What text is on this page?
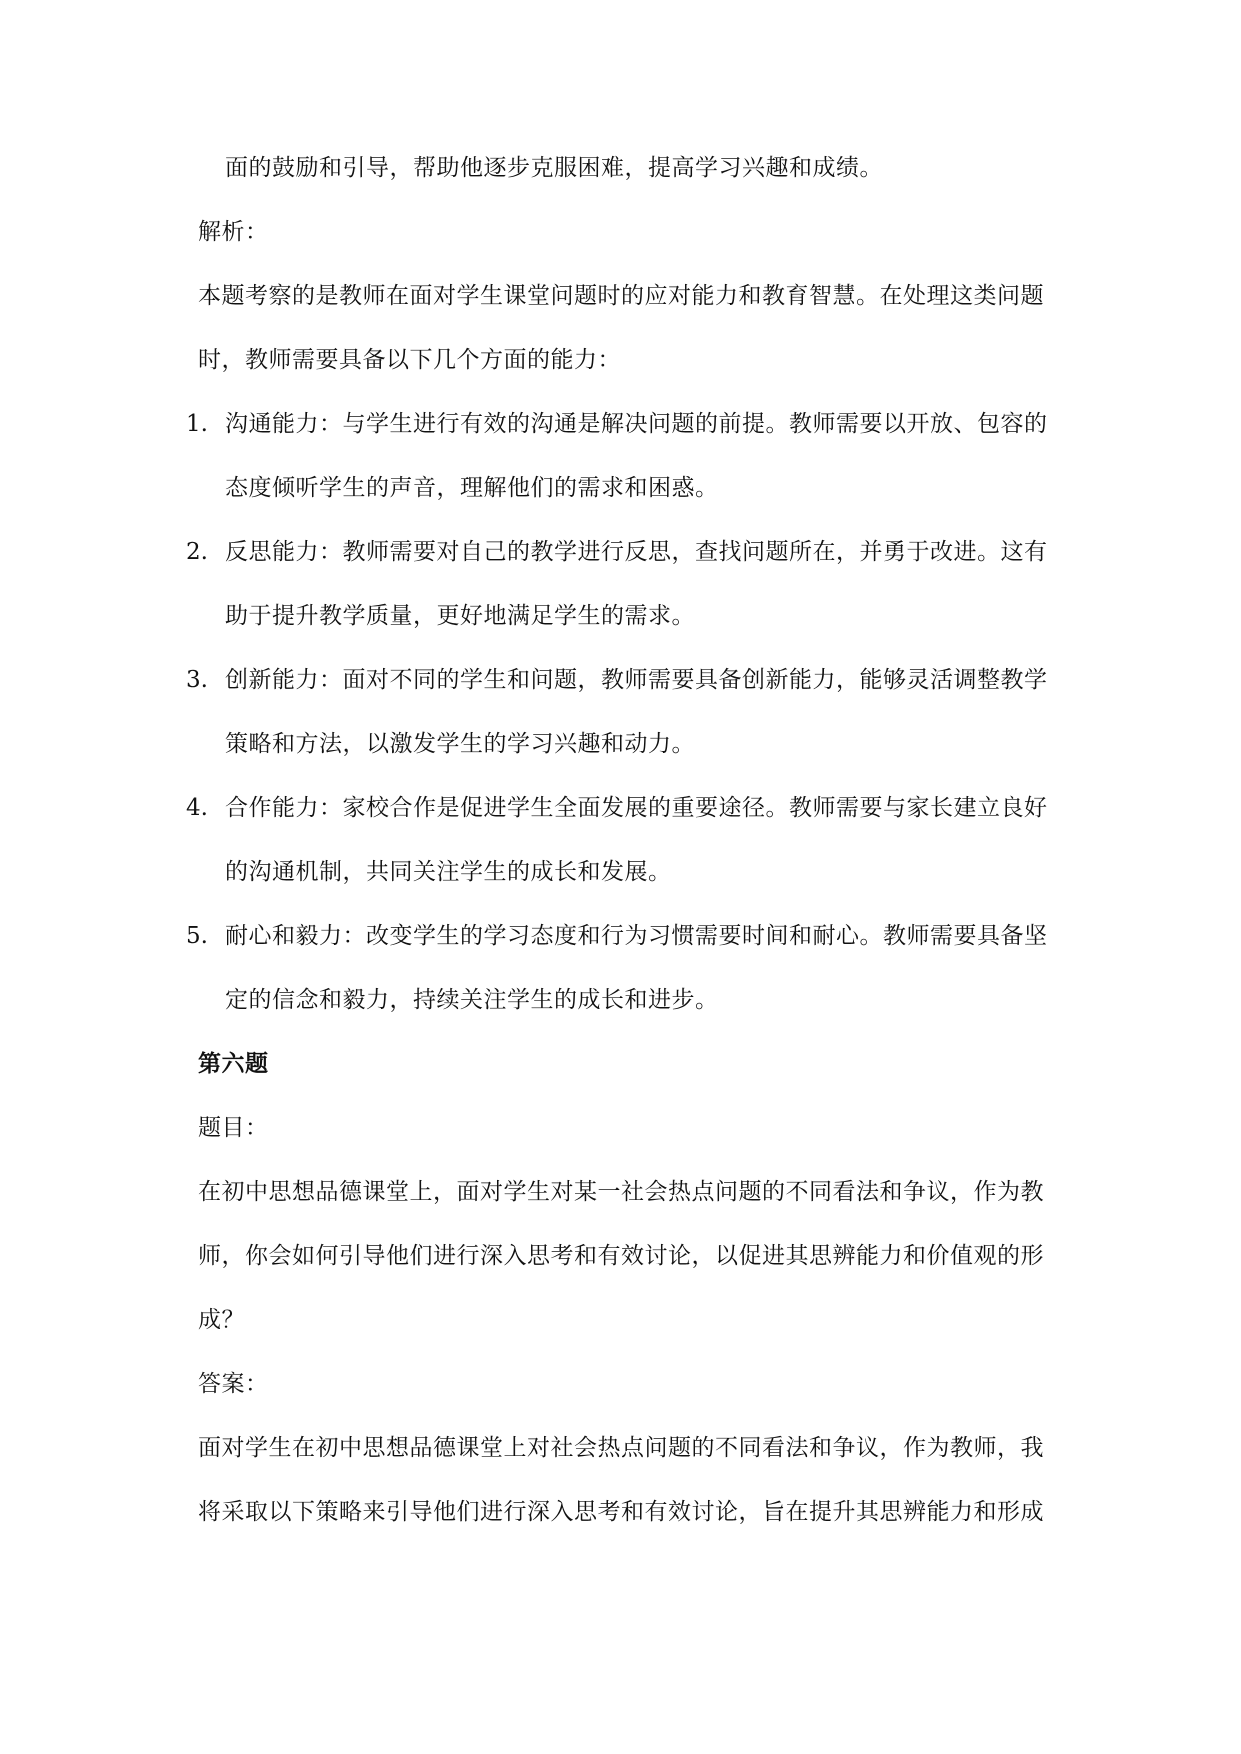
面的鼓励和引导，帮助他逐步克服困难，提高学习兴趣和成绩。
解析：
本题考察的是教师在面对学生课堂问题时的应对能力和教育智慧。在处理这类问题
时，教师需要具备以下几个方面的能力：
1. 沟通能力：与学生进行有效的沟通是解决问题的前提。教师需要以开放、包容的
态度倾听学生的声音，理解他们的需求和困惑。
2. 反思能力：教师需要对自己的教学进行反思，查找问题所在，并勇于改进。这有
助于提升教学质量，更好地满足学生的需求。
3. 创新能力：面对不同的学生和问题，教师需要具备创新能力，能够灵活调整教学
策略和方法，以激发学生的学习兴趣和动力。
4. 合作能力：家校合作是促进学生全面发展的重要途径。教师需要与家长建立良好
的沟通机制，共同关注学生的成长和发展。
5. 耐心和毅力：改变学生的学习态度和行为习惯需要时间和耐心。教师需要具备坚
定的信念和毅力，持续关注学生的成长和进步。
第六题
题目：
在初中思想品德课堂上，面对学生对某一社会热点问题的不同看法和争议，作为教
师，你会如何引导他们进行深入思考和有效讨论，以促进其思辨能力和价值观的形
成？
答案：
面对学生在初中思想品德课堂上对社会热点问题的不同看法和争议，作为教师，我
将采取以下策略来引导他们进行深入思考和有效讨论，旨在提升其思辨能力和形成
